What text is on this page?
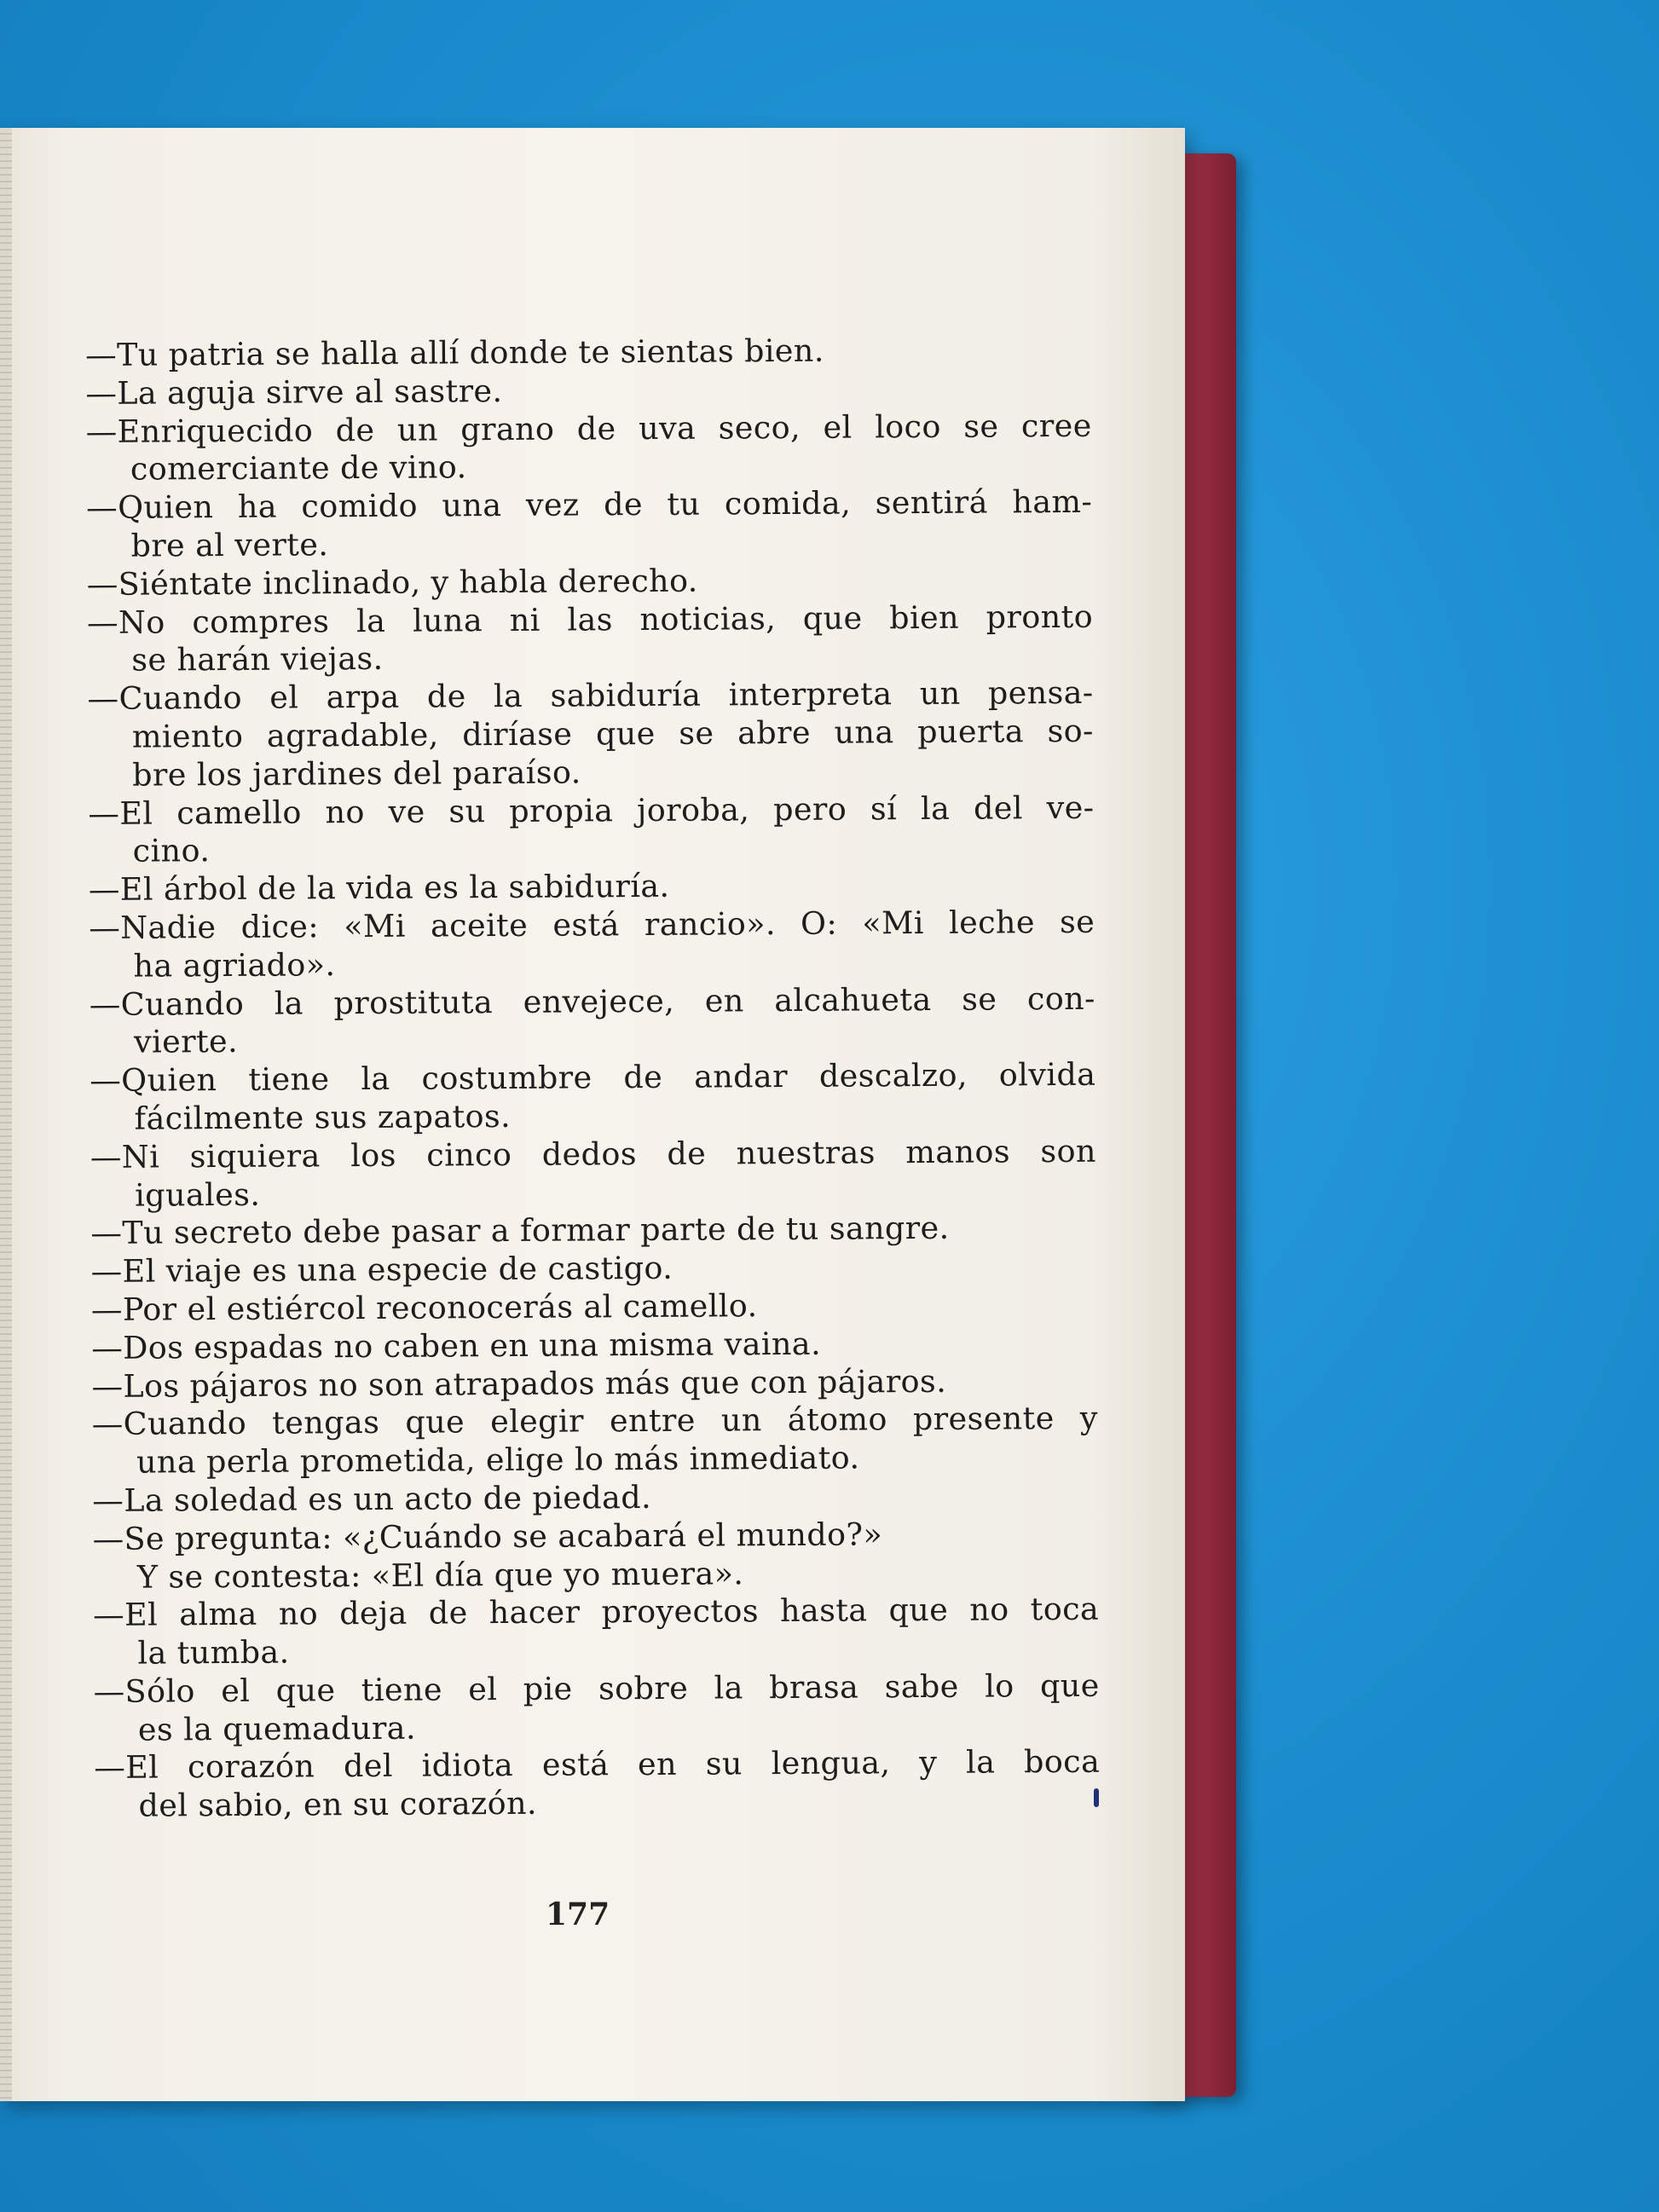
—Tu patria se halla allí donde te sientas bien.
—La aguja sirve al sastre.
—Enriquecido de un grano de uva seco, el loco se cree
comerciante de vino.
—Quien ha comido una vez de tu comida, sentirá ham-
bre al verte.
—Siéntate inclinado, y habla derecho.
—No compres la luna ni las noticias, que bien pronto
se harán viejas.
—Cuando el arpa de la sabiduría interpreta un pensa-
miento agradable, diríase que se abre una puerta so-
bre los jardines del paraíso.
—El camello no ve su propia joroba, pero sí la del ve-
cino.
—El árbol de la vida es la sabiduría.
—Nadie dice: «Mi aceite está rancio». O: «Mi leche se
ha agriado».
—Cuando la prostituta envejece, en alcahueta se con-
vierte.
—Quien tiene la costumbre de andar descalzo, olvida
fácilmente sus zapatos.
—Ni siquiera los cinco dedos de nuestras manos son
iguales.
—Tu secreto debe pasar a formar parte de tu sangre.
—El viaje es una especie de castigo.
—Por el estiércol reconocerás al camello.
—Dos espadas no caben en una misma vaina.
—Los pájaros no son atrapados más que con pájaros.
—Cuando tengas que elegir entre un átomo presente y
una perla prometida, elige lo más inmediato.
—La soledad es un acto de piedad.
—Se pregunta: «¿Cuándo se acabará el mundo?»
Y se contesta: «El día que yo muera».
—El alma no deja de hacer proyectos hasta que no toca
la tumba.
—Sólo el que tiene el pie sobre la brasa sabe lo que
es la quemadura.
—El corazón del idiota está en su lengua, y la boca
del sabio, en su corazón.
177
